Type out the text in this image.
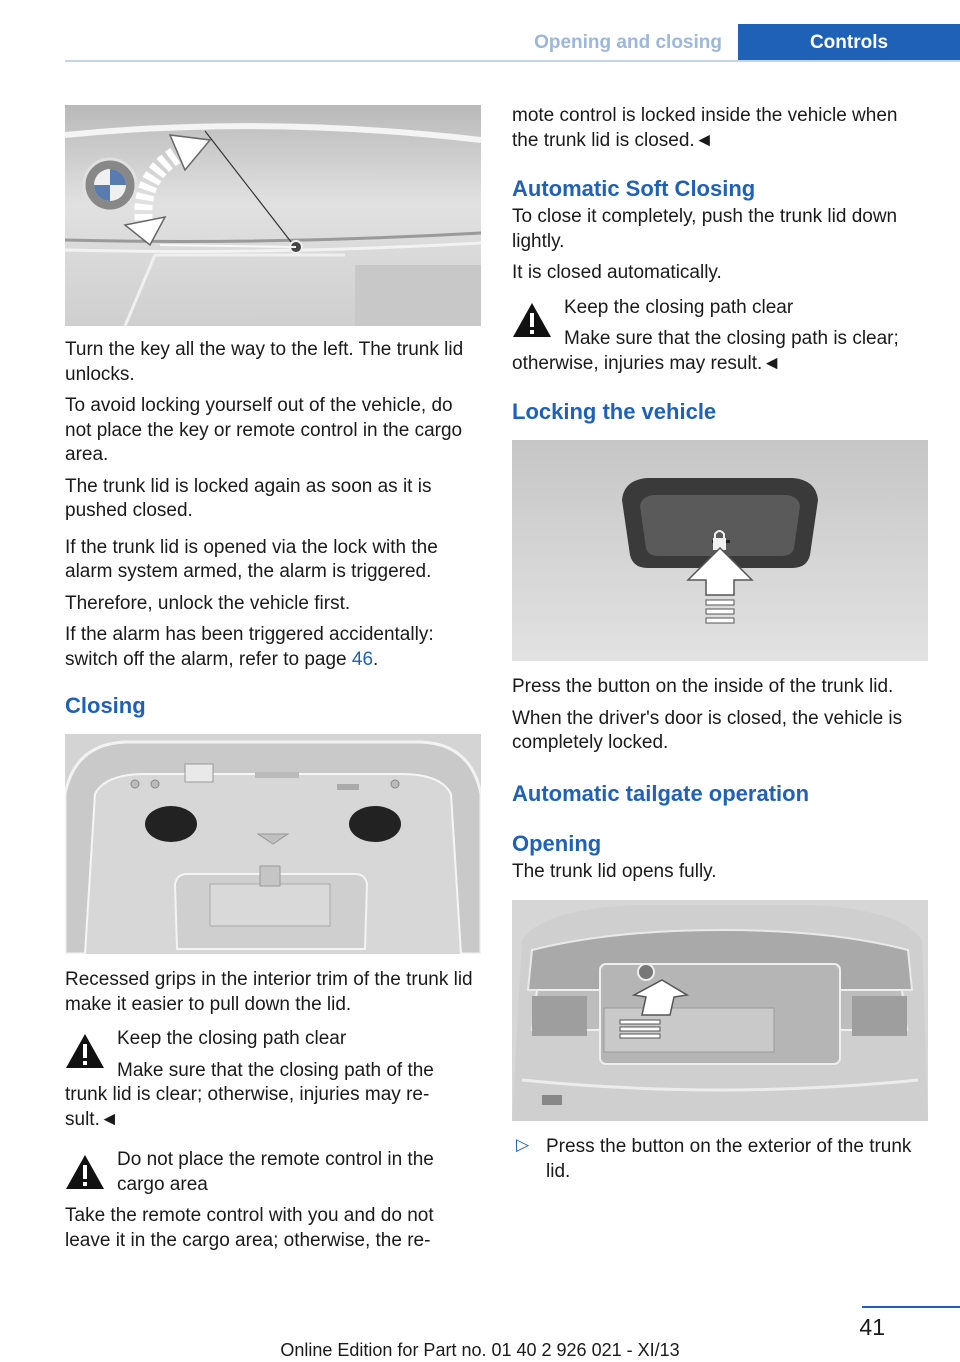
Opening and closing	Controls

Turn the key all the way to the left. The trunk lid unlocks.

To avoid locking yourself out of the vehicle, do not place the key or remote control in the cargo area.

The trunk lid is locked again as soon as it is pushed closed.

If the trunk lid is opened via the lock with the alarm system armed, the alarm is triggered.

Therefore, unlock the vehicle first.

If the alarm has been triggered accidentally: switch off the alarm, refer to page 46.

Closing

Recessed grips in the interior trim of the trunk lid make it easier to pull down the lid.

Keep the closing path clear

Make sure that the closing path of the trunk lid is clear; otherwise, injuries may re‐ sult.◄

Do not place the remote control in the cargo area

Take the remote control with you and do not leave it in the cargo area; otherwise, the re‐

mote control is locked inside the vehicle when the trunk lid is closed.◄

Automatic Soft Closing

To close it completely, push the trunk lid down lightly.

It is closed automatically.

Keep the closing path clear

Make sure that the closing path is clear; otherwise, injuries may result.◄

Locking the vehicle

Press the button on the inside of the trunk lid.

When the driver's door is closed, the vehicle is completely locked.

Automatic tailgate operation
Opening

The trunk lid opens fully.

▷ Press the button on the exterior of the trunk lid.

41
Online Edition for Part no. 01 40 2 926 021 - XI/13
